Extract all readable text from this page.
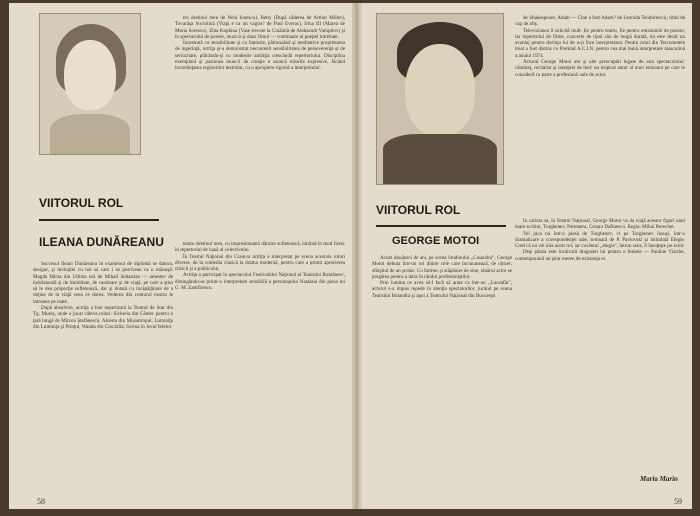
tru destinul meu de Nela Ionescu), Betty (După căderea de Arthur Miller), Tovarăşa Sociolină (Viaţa e ca un vagon? de Paul Everac), Irina III (Marea de Maria Sorescu), Zina Kopkina (Vase trecute la Cinămiă de Aleksandr Vampilov) şi în spectacolul de poezie, muzică şi dans Omul — continuare al poeţiei întrebate.

Înzestrată cu sensibilitate şi cu fantezie, pătrunzând şi meditative proprietatea de ingerinţă, actriţa şi-a demonstrat necontenit sensibilitatea de perseverenţă şi de seriozitate, plăcându-şi cu modestie ambiţia crescândă repertoriului. Disciplina exemplară şi pasiunea muncii de creaţie o aruncă rolurile expresive, făcând încredinţarea regizorilor teatrului, cu o apropiere rigorsă a interpretului.

VIITORUL ROL
ILEANA DUNĂREANU

Succesul Ileani Dunăreanu în examenul de diplomă se datora, desigur, şi invitaţiei cu noi să care i se potriveau ca o mănuşă: Magda Mirza din Ultima oră de Mihail Sebastian — amestec de îndrăzneală şi de timiditate, de candoare şi de viaţă, pe care a ştiut să le dea proporţie sufletească, dar şi dotată cu încăpăţânare de a obţine de la viaţă ceea ce dorea. Vederea din conturul nostru le întrunea pe toate.

După absolvire, actriţa a fost repartizată la Teatrul de Stat din Tg. Mureş, unde a jucat câteva roluri: Sicheria din Cântec pentru o ţară lungă de Mircea Ştefănescu, Alcesta din Misantropul, Luminiţa din Luminiţa şi Prinţul, Wanda din Ciocârlia; Sorina în Jocul Ielelor.

teatru destinul meu, cu impresionantă dăruire sufletească, intrând în mod firesc în repertoriul de bază al colectivului.

În Teatrul Naţional din Craiova actriţa a interpretat pe scena acestuia roluri diverse, de la comedia clasică la drama modernă, pentru care a primit aprecierea criticii şi a publicului.

Actriţa a participat la spectacolul Festivalului Naţional al Teatrului Românesc, distingându-se printr-o interpretare sensibilă a personajului Nastasia din piesa lui G. M. Zamfirescu.

58

de Shakespeare; Adam — Cine a fost Adam? de Leonida Teodorescu), titlul de cap de afiş.

Televiziunea îl solicită mult: fie pentru teatru, fie pentru emisiunile de poezie; iar repertoriul de filme, concerte de tipul său de lungă durată, nu este decât un avantaj pentru dorinţa lui de a-şi face interpretarea. Pentru rolul din Tercumetele ireal a fost distins cu Premiul A.C.I.N. pentru cea mai bună interpretare masculină a anului 1974.

Actorul George Motoi are şi alte preocupări legate de arta spectacolului: cântăreţ, recitalist şi interpret de lied: un inspirat autor al unor emisiuni pe care le consideră ca parte a profesiunii sale de actor.

VIITORUL ROL
GEORGE MOTOI

Acum douăzeci de ani, pe scena Studioului ,,Casandra", George Motoi debuta într-un rol dintre cele care încununează, de obicei, sfârşitul de an şcolar: Cu farmec şi stăpânire de sine, tânărul actor se pregătea pentru a intra în rândul profesioniştilor.

Prin lumina ce avea să-l facă să arate ca într-un ,,Luceafăr", actorul s-a impus repede în atenţia spectatorilor, jucând pe scena Teatrului Bulandra şi apoi a Teatrului Naţional din Bucureşti.

În cariera sa, la Teatrul Naţional, George Motoi va da viaţă acestor figuri unui mare scriitor, Turghenev, Partenera, Cezara Dafinescu. Regia: Mihai Berechet.

Vei juca nu într-o piesă de Turghenev, ci pe Turghenev însuşi, într-o dramatizare a corespondenţei sale, semnată de P. Pavlovski şi intitulată Elegie. Cred că nu vei uita acest rol; iar cuvântul ,,elegie", întrun sens, îl însoţeşte pe actor.

Deşi pânza este încărcată dragostei lui pentru o femeie — Pauline Viardot, contemporanii au ştiut mereu de existenţa ei.

Maria Marin
59
